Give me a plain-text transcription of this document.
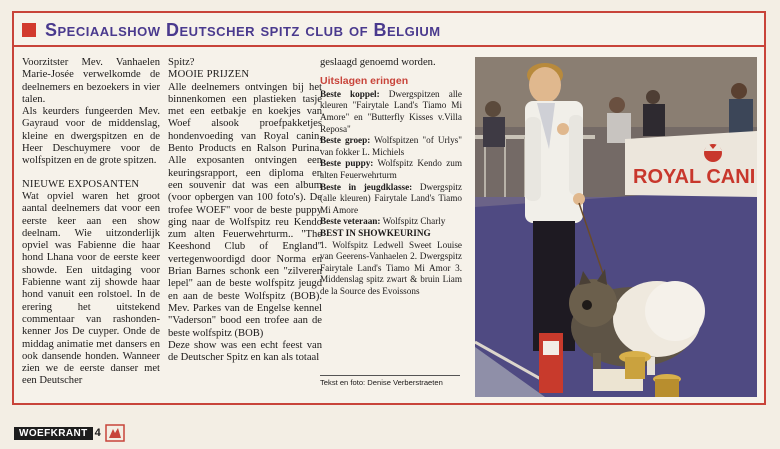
Speciaalshow Deutscher spitz club of Belgium

Voorzitster Mev. Vanhaelen Marie-Josée verwelkomde de deelnemers en bezoekers in vier talen.

Als keurders fungeerden Mev. Gayraud voor de middenslag, kleine en dwergspitzen en de Heer Deschuymere voor de wolfspitzen en de grote spitzen.

NIEUWE EXPOSANTEN

Wat opviel waren het groot aantal deelnemers dat voor een eerste keer aan een show deelnam. Wie uitzonderlijk opviel was Fabienne die haar hond Lhana voor de eerste keer showde. Een uitdaging voor Fabienne want zij showde haar hond vanuit een rolstoel. In de erering het uitstekend commentaar van rashonden-kenner Jos De cuyper. Onde de middag animatie met dansers en ook dansende honden. Wanneer zien we de eerste danser met een Deutscher

Spitz?

MOOIE PRIJZEN

Alle deelnemers ontvingen bij het binnenkomen een plastieken tasje met een eetbakje en koekjes van Woef alsook proefpakketjes hondenvoeding van Royal canin, Bento Products en Ralson Purina. Alle exposanten ontvingen een keuringsrapport, een diploma en een souvenir dat was een album (voor opbergen van 100 foto's). De trofee WOEF" voor de beste puppy ging naar de Wolfspitz reu Kendo zum alten Feuerwehrturm.. "The Keeshond Club of England" vertegenwoordigd door Norma en Brian Barnes schonk een "zilveren lepel" aan de beste wolfspitz jeugd en aan de beste Wolfspitz (BOB). Mev. Parkes van de Engelse kennel "Vaderson" bood een trofee aan de beste wolfspitz (BOB)

Deze show was een echt feest van de Deutscher Spitz en kan als totaal

geslaagd genoemd worden.

Uitslagen eringen

Beste koppel: Dwergspitzen alle kleuren "Fairytale Land's Tiamo Mi Amore" en "Butterfly Kisses v.Villa Reposa"

Beste groep: Wolfspitzen "of Urlys" van fokker L. Michiels

Beste puppy: Wolfspitz Kendo zum alten Feuerwehrturm

Beste in jeugdklasse: Dwergspitz (alle kleuren) Fairytale Land's Tiamo Mi Amore

Beste veteraan: Wolfspitz Charly

BEST IN SHOWKEURING

1. Wolfspitz Ledwell Sweet Louise van Geerens-Vanhaelen 2. Dwergspitz Fairytale Land's Tiamo Mi Amor 3. Middenslag spitz zwart & bruin Liam de la Source des Evoissons

Tekst en foto: Denise Verberstraeten
ROYAL CANI
WOEFKRANT 4
